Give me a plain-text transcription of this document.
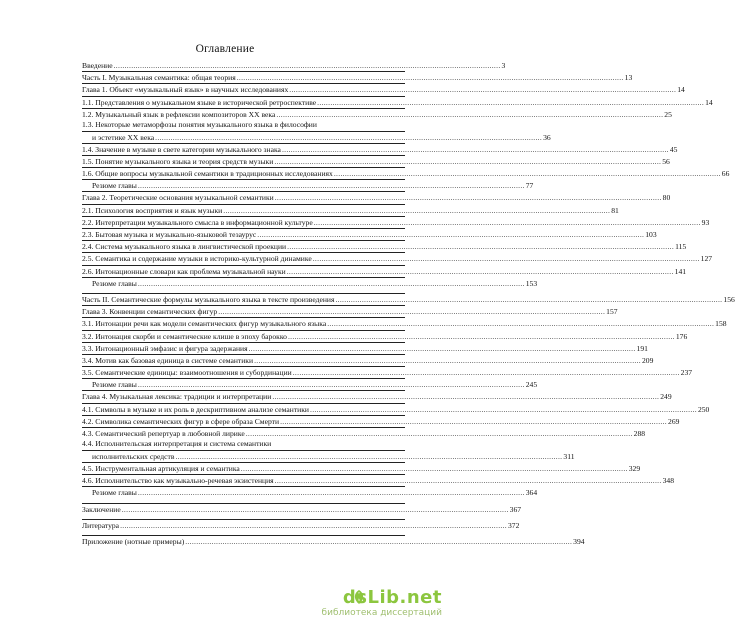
Оглавление
Введение .....	3
Часть I. Музыкальная семантика: общая теория .....	13
Глава 1. Объект «музыкальный язык» в научных исследованиях .....	14
1.1. Представления о музыкальном языке в исторической ретроспективе .....	14
1.2. Музыкальный язык в рефлексии композиторов XX века .....	25
1.3. Некоторые метаморфозы понятия музыкального языка в философии
и эстетике XX века .....	36
1.4. Значение в музыке в свете категории музыкального знака .....	45
1.5. Понятие музыкального языка и теория средств музыки .....	56
1.6. Общие вопросы музыкальной семантики в традиционных исследованиях .....	66
Резюме главы .....	77
Глава 2. Теоретические основания музыкальной семантики .....	80
2.1. Психология восприятия и язык музыки .....	81
2.2. Интерпретации музыкального смысла в информационной культуре .....	93
2.3. Бытовая музыка и музыкально-языковой тезаурус .....	103
2.4. Система музыкального языка в лингвистической проекции .....	115
2.5. Семантика и содержание музыки в историко-культурной динамике .....	127
2.6. Интонационные словари как проблема музыкальной науки .....	141
Резюме главы .....	153
Часть II. Семантические формулы музыкального языка в тексте произведения .....	156
Глава 3. Конвенции семантических фигур .....	157
3.1. Интонации речи как модели семантических фигур музыкального языка .....	158
3.2. Интонация скорби и семантические клише в эпоху барокко .....	176
3.3. Интонационный эмфазис и фигура задержания .....	191
3.4. Мотив как базовая единица в системе семантики .....	209
3.5. Семантические единицы: взаимоотношения и субординации .....	237
Резюме главы .....	245
Глава 4. Музыкальная лексика: традиции и интерпретации .....	249
4.1. Символы в музыке и их роль в дескриптивном анализе семантики .....	250
4.2. Символика семантических фигур в сфере образа Смерти .....	269
4.3. Семантический репертуар в любовной лирике .....	288
4.4. Исполнительская интерпретация и система семантики
исполнительских средств .....	311
4.5. Инструментальная артикуляция и семантика .....	329
4.6. Исполнительство как музыкально-речевая экзистенция .....	348
Резюме главы .....	364
Заключение .....	367
Литература .....	372
Приложение (нотные примеры) .....	394
dsLib.net
библиотека диссертаций
